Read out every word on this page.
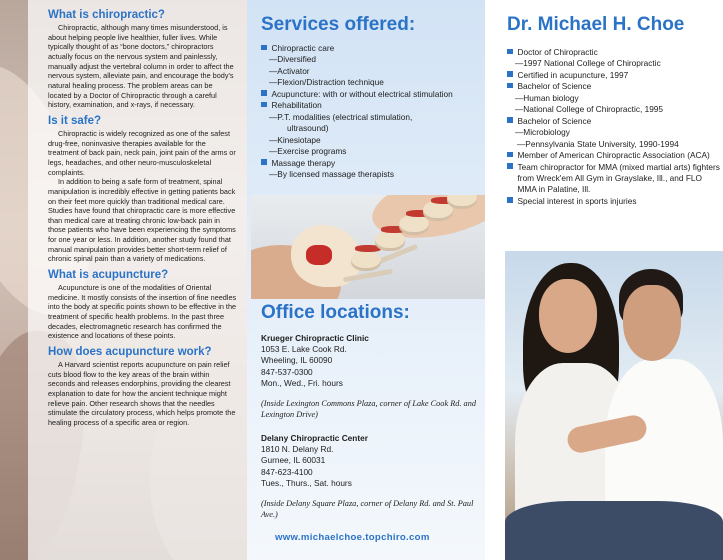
What is chiropractic?

Chiropractic, although many times misunderstood, is about helping people live healthier, fuller lives. While typically thought of as “bone doctors,” chiropractors actually focus on the nervous system and painlessly, manually adjust the vertebral column in order to affect the nervous system, alleviate pain, and encourage the body's natural healing process. The problem areas can be located by a Doctor of Chiropractic through a careful history, examination, and x-rays, if necessary.

Is it safe?

Chiropractic is widely recognized as one of the safest drug-free, noninvasive therapies available for the treatment of back pain, neck pain, joint pain of the arms or legs, headaches, and other neuro-musculoskeletal complaints.

In addition to being a safe form of treatment, spinal manipulation is incredibly effective in getting patients back on their feet more quickly than traditional medical care. Studies have found that chiropractic care is more effective than medical care at treating chronic low-back pain in those patients who have been experiencing the symptoms for one year or less. In addition, another study found that manual manipulation provides better short-term relief of chronic spinal pain than a variety of medications.

What is acupuncture?

Acupuncture is one of the modalities of Oriental medicine. It mostly consists of the insertion of fine needles into the body at specific points shown to be effective in the treatment of specific health problems. In the past three decades, electromagnetic research has confirmed the existence and locations of these points.

How does acupuncture work?

A Harvard scientist reports acupuncture on pain relief cuts blood flow to the key areas of the brain within seconds and releases endorphins, providing the clearest explanation to date for how the ancient technique might relieve pain. Other research shows that the needles stimulate the circulatory process, which helps promote the healing process of a specific area or region.

Services offered:
Chiropractic care
—Diversified
—Activator
—Flexion/Distraction technique
Acupuncture: with or without electrical stimulation
Rehabilitation
—P.T. modalities (electrical stimulation,
ultrasound)
—Kinesiotape
—Exercise programs
Massage therapy
—By licensed massage therapists
Office locations:
Krueger Chiropractic Clinic
1053 E. Lake Cook Rd.
Wheeling, IL 60090
847-537-0300
Mon., Wed., Fri. hours
(Inside Lexington Commons Plaza, corner of Lake Cook Rd. and Lexington Drive)
Delany Chiropractic Center
1810 N. Delany Rd.
Gurnee, IL 60031
847-623-4100
Tues., Thurs., Sat. hours
(Inside Delany Square Plaza, corner of Delany Rd. and St. Paul Ave.)
www.michaelchoe.topchiro.com
Dr. Michael H. Choe
Doctor of Chiropractic
—1997 National College of Chiropractic
Certified in acupuncture, 1997
Bachelor of Science
—Human biology
—National College of Chiropractic, 1995
Bachelor of Science
—Microbiology
—Pennsylvania State University, 1990-1994
Member of American Chiropractic Association (ACA)
Team chiropractor for MMA (mixed martial arts) fighters from Wreck'em All Gym in Grayslake, Ill., and FLO MMA in Palatine, Ill.
Special interest in sports injuries
